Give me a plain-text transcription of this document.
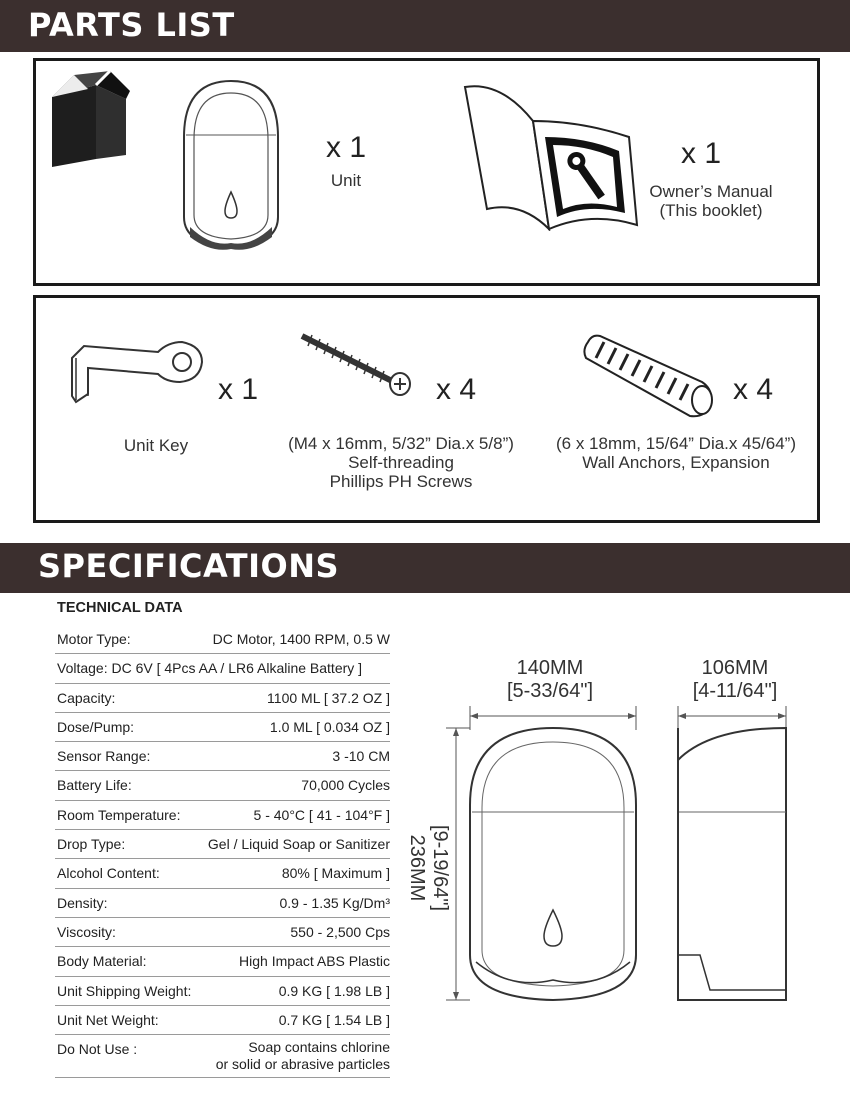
PARTS LIST
x 1
Unit
x 1
Owner’s Manual
(This booklet)
x 1
Unit Key
x 4
(M4 x 16mm, 5/32” Dia.x 5/8”)
Self-threading
Phillips PH Screws
x 4
(6 x 18mm, 15/64” Dia.x 45/64”)
Wall Anchors, Expansion
SPECIFICATIONS
TECHNICAL DATA
Motor Type:	DC Motor, 1400 RPM, 0.5 W
Voltage: DC 6V [ 4Pcs AA / LR6 Alkaline Battery ]
Capacity:	1100 ML [ 37.2 OZ ]
Dose/Pump:	1.0 ML [ 0.034 OZ ]
Sensor Range:	3 -10 CM
Battery Life:	70,000 Cycles
Room Temperature:	5 - 40°C [ 41 - 104°F ]
Drop Type:	Gel / Liquid Soap or Sanitizer
Alcohol Content:	80% [ Maximum ]
Density:	0.9 - 1.35 Kg/Dm³
Viscosity:	550 - 2,500 Cps
Body Material:	High Impact ABS Plastic
Unit Shipping Weight:	0.9 KG [ 1.98 LB ]
Unit Net Weight:	0.7 KG [ 1.54 LB ]
Do Not Use :	Soap contains chlorine
or solid or abrasive particles
140MM
[5-33/64"]
106MM
[4-11/64"]
[9-19/64"]
236MM
